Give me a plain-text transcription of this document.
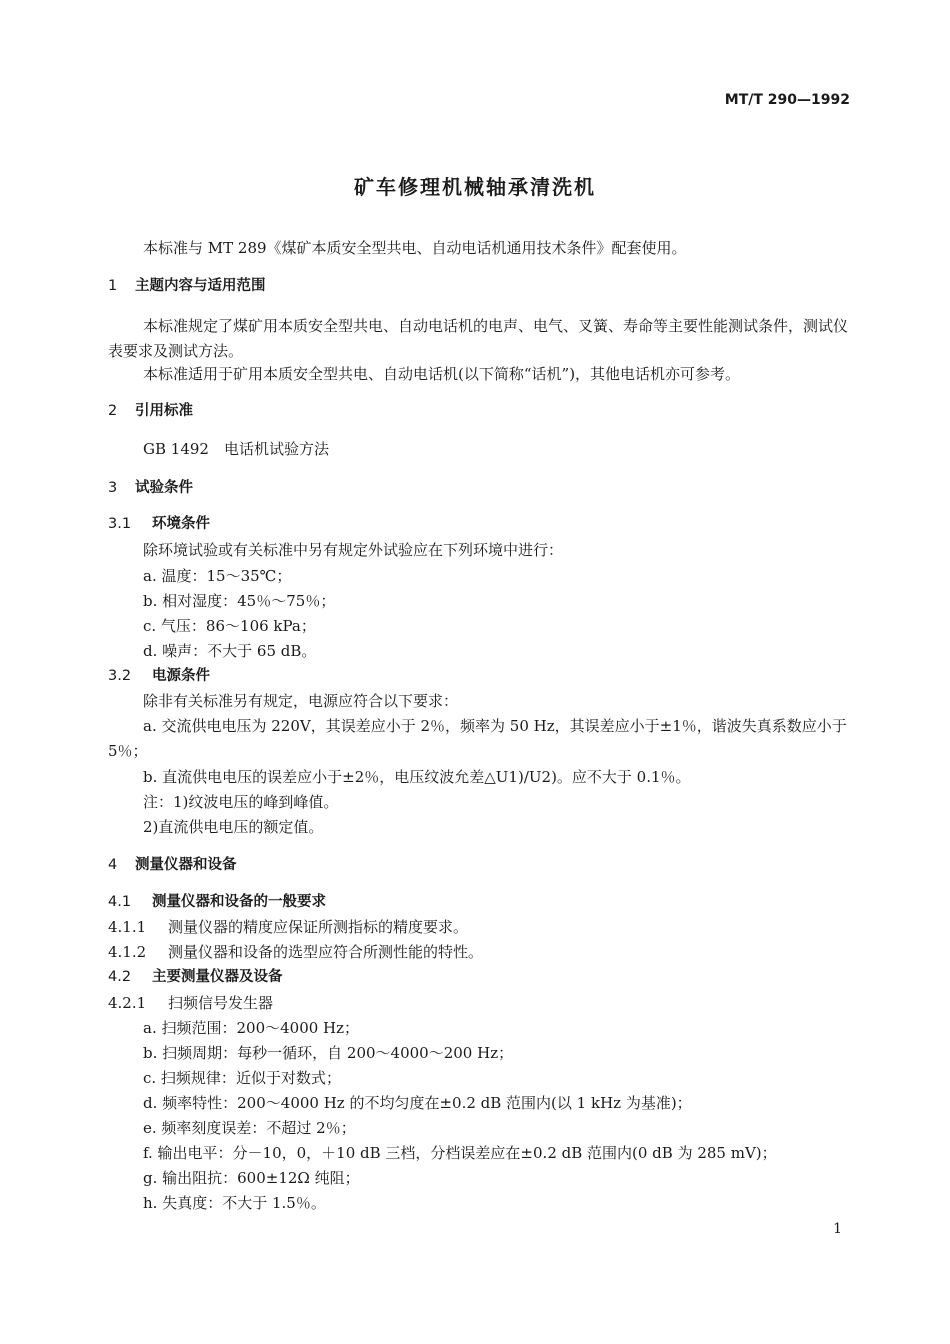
MT/T 290—1992
矿车修理机械轴承清洗机
本标准与 MT 289《煤矿本质安全型共电、自动电话机通用技术条件》配套使用。
1 主题内容与适用范围
本标准规定了煤矿用本质安全型共电、自动电话机的电声、电气、叉簧、寿命等主要性能测试条件，测试仪表要求及测试方法。
本标准适用于矿用本质安全型共电、自动电话机(以下简称“话机”)，其他电话机亦可参考。
2 引用标准
GB 1492　电话机试验方法
3 试验条件
3.1 环境条件
除环境试验或有关标准中另有规定外试验应在下列环境中进行：
a. 温度：15～35℃；
b. 相对湿度：45％～75％；
c. 气压：86～106 kPa；
d. 噪声：不大于 65 dB。
3.2 电源条件
除非有关标准另有规定，电源应符合以下要求：
a. 交流供电电压为 220V，其误差应小于 2％，频率为 50 Hz，其误差应小于±1％，谐波失真系数应小于 5％；
b. 直流供电电压的误差应小于±2％，电压纹波允差△U1)/U2)。应不大于 0.1％。
注：1)纹波电压的峰到峰值。
2)直流供电电压的额定值。
4 测量仪器和设备
4.1 测量仪器和设备的一般要求
4.1.1 测量仪器的精度应保证所测指标的精度要求。
4.1.2 测量仪器和设备的选型应符合所测性能的特性。
4.2 主要测量仪器及设备
4.2.1 扫频信号发生器
a. 扫频范围：200～4000 Hz；
b. 扫频周期：每秒一循环，自 200～4000～200 Hz；
c. 扫频规律：近似于对数式；
d. 频率特性：200～4000 Hz 的不均匀度在±0.2 dB 范围内(以 1 kHz 为基准)；
e. 频率刻度误差：不超过 2％；
f. 输出电平：分－10，0，＋10 dB 三档，分档误差应在±0.2 dB 范围内(0 dB 为 285 mV)；
g. 输出阻抗：600±12Ω 纯阻；
h. 失真度：不大于 1.5％。
1
